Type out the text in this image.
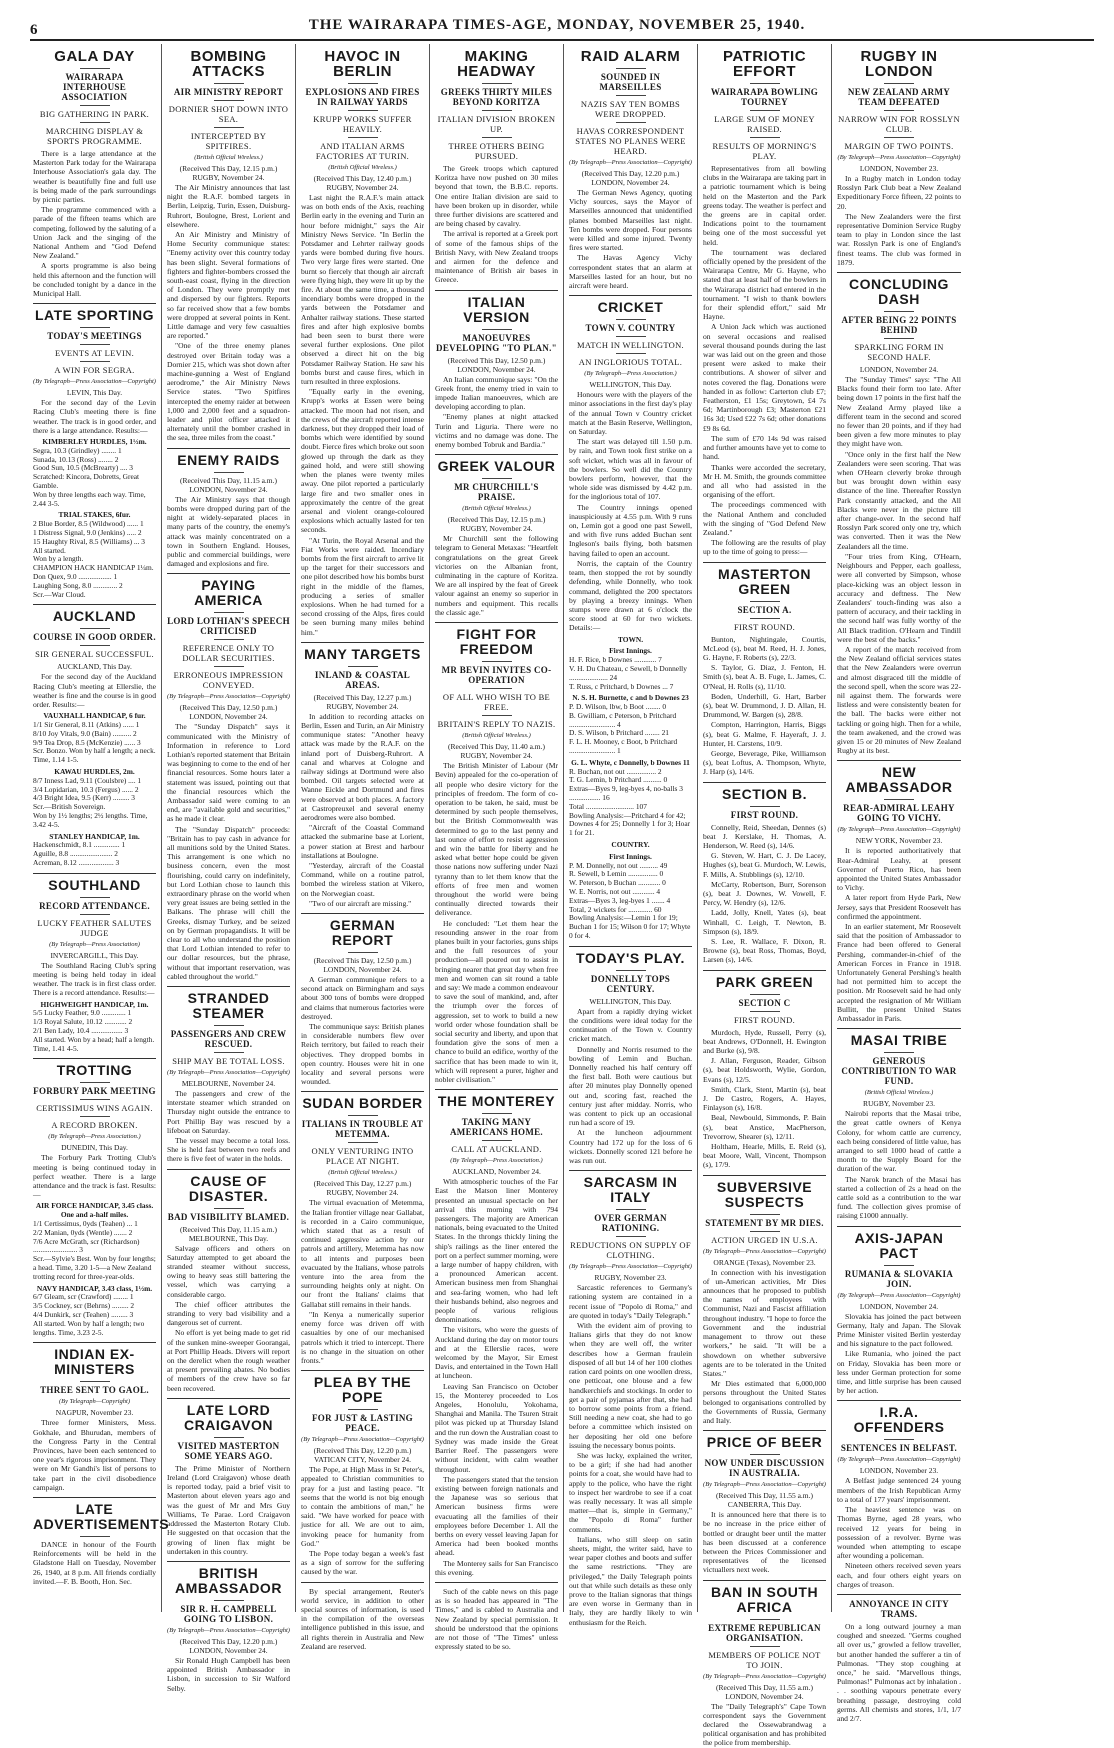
6	THE WAIRARAPA TIMES-AGE, MONDAY, NOVEMBER 25, 1940.
GALA DAY
WAIRARAPA INTERHOUSE ASSOCIATION
BIG GATHERING IN PARK.
MARCHING DISPLAY & SPORTS PROGRAMME.

There is a large attendance at the Masterton Park today for the Wairarapa Interhouse Association's gala day. The weather is beautifully fine and full use is being made of the park surroundings by picnic parties.

The programme commenced with a parade of the fifteen teams which are competing, followed by the saluting of a Union Jack and the singing of the National Anthem and "God Defend New Zealand."

A sports programme is also being held this afternoon and the function will be concluded tonight by a dance in the Municipal Hall.

LATE SPORTING
TODAY'S MEETINGS
EVENTS AT LEVIN.
A WIN FOR SEGRA.
(By Telegraph—Press Association—Copyright)
LEVIN, This Day.

For the second day of the Levin Racing Club's meeting there is fine weather. The track is in good order, and there is a large attendance. Results:—

KIMBERLEY HURDLES, 1½m.
Segra, 10.3 (Grindley) ........ 1
Sunada, 10.13 (Ross) ........ 2
Good Sun, 10.5 (McBrearty) .... 3
Scratched: Kincora, Dobretts, Great Gamble.
Won by three lengths each way. Time, 2.44 3-5.
TRIAL STAKES, 6fur.
2 Blue Border, 8.5 (Wildwood) ...... 1
1 Distress Signal, 9.0 (Jenkins) ..... 2
15 Haughty Rival, 8.5 (Williams) ... 3
All started.
Won by a length.
CHAMPION HACK HANDICAP 1¼m.
Don Quex, 9.0 .................. 1
Laughing Song, 8.0 ............. 2
Scr.—War Cloud.
AUCKLAND
COURSE IN GOOD ORDER.
SIR GENERAL SUCCESSFUL.
AUCKLAND, This Day.

For the second day of the Auckland Racing Club's meeting at Ellerslie, the weather is fine and the course is in good order. Results:—

VAUXHALL HANDICAP, 6 fur.
1/1 Sir General, 8.11 (Atkins) ...... 1
8/10 Joy Vitals, 9.0 (Bain) .......... 2
9/9 Tea Drop, 8.5 (McKenzie) ...... 3
Scr. Bonzo. Won by half a length; a neck. Time, 1.14 1-5.
KAWAU HURDLES, 2m.
8/7 Inness Lad, 9.11 (Coulsbre) .... 1
3/4 Lopidarian, 10.3 (Fergus) ...... 2
4/3 Bright Idea, 9.5 (Kerr) ......... 3
Scr.—British Sovereign.
Won by 1½ lengths; 2½ lengths. Time, 3.42 4-5.
STANLEY HANDICAP, 1m.
Hackenschmidt, 8.1 .............. 1
Aguille, 8.8 ....................... 2
Acreman, 8.12 ................... 3
SOUTHLAND
RECORD ATTENDANCE.
LUCKY FEATHER SALUTES JUDGE
(By Telegraph—Press Association)
INVERCARGILL, This Day.

The Southland Racing Club's spring meeting is being held today in ideal weather. The track is in first class order. There is a record attendance. Results:—

HIGHWEIGHT HANDICAP, 1m.
5/5 Lucky Feather, 9.0 ............. 1
1/3 Royal Salute, 10.12 ............ 2
2/1 Ben Lady, 10.4 ................. 3
All started. Won by a head; half a length. Time, 1.41 4-5.
TROTTING
FORBURY PARK MEETING
CERTISSIMUS WINS AGAIN.
A RECORD BROKEN.
(By Telegraph—Press Association.)
DUNEDIN, This Day.

The Forbury Park Trotting Club's meeting is being continued today in perfect weather. There is a large attendance and the track is fast. Results:—

AIR FORCE HANDICAP, 3.45 class. One and a-half miles.
1/1 Certissimus, 0yds (Teahen) ... 1
2/2 Manian, 0yds (Wentle) ....... 2
7/6 Acre McGrath, scr (Richardson) ........................ 3
Scr.—Sylvie's Best. Won by four lengths; a head. Time, 3.20 1-5—a New Zealand trotting record for three-year-olds.
NAVY HANDICAP, 3.43 class, 1½m.
6/7 Gleam, scr (Crawford) ........ 1
3/5 Cockney, scr (Behrns) ......... 2
4/4 Dunkirk, scr (Teahen) ......... 3
All started. Won by half a length; two lengths. Time, 3.23 2-5.
INDIAN EX-MINISTERS
THREE SENT TO GAOL.
(By Telegraph—Copyright)
NAGPUR, November 23.

Three former Ministers, Mess. Gokhale, and Bhurudan, members of the Congress Party in the Central Provinces, have been each sentenced to one year's rigorous imprisonment. They were on Mr Gandhi's list of persons to take part in the civil disobedience campaign.

LATE ADVERTISEMENTS

DANCE in honour of the Fourth Reinforcements will be held in the Gladstone Hall on Tuesday, November 26, 1940, at 8 p.m. All friends cordially invited.—F. B. Booth, Hon. Sec.

BOMBING ATTACKS
AIR MINISTRY REPORT
DORNIER SHOT DOWN INTO SEA.
INTERCEPTED BY SPITFIRES.
(British Official Wireless.)
(Received This Day, 12.15 p.m.) RUGBY, November 24.

The Air Ministry announces that last night the R.A.F. bombed targets in Berlin, Leipzig, Turin, Essen, Duisburg-Ruhrort, Boulogne, Brest, Lorient and elsewhere.

An Air Ministry and Ministry of Home Security communique states: "Enemy activity over this country today has been slight. Several formations of fighters and fighter-bombers crossed the south-east coast, flying in the direction of London. They were promptly met and dispersed by our fighters. Reports so far received show that a few bombs were dropped at several points in Kent. Little damage and very few casualties are reported."

"One of the three enemy planes destroyed over Britain today was a Dornier 215, which was shot down after machine-gunning a West of England aerodrome," the Air Ministry News Service states. "Two Spitfires intercepted the enemy raider at between 1,000 and 2,000 feet and a squadron-leader and pilot officer attacked it alternately until the bomber crashed in the sea, three miles from the coast."

ENEMY RAIDS
(Received This Day, 11.15 a.m.) LONDON, November 24.

The Air Ministry says that though bombs were dropped during part of the night at widely-separated places in many parts of the country, the enemy's attack was mainly concentrated on a town in Southern England. Houses, public and commercial buildings, were damaged and explosions and fire.

PAYING AMERICA
LORD LOTHIAN'S SPEECH CRITICISED
REFERENCE ONLY TO DOLLAR SECURITIES.
ERRONEOUS IMPRESSION CONVEYED.
(By Telegraph—Press Association—Copyright)
(Received This Day, 12.50 p.m.) LONDON, November 24.

The "Sunday Dispatch" says it communicated with the Ministry of Information in reference to Lord Lothian's reported statement that Britain was beginning to come to the end of her financial resources. Some hours later a statement was issued, pointing out that the financial resources which the Ambassador said were coming to an end, are "available gold and securities," as he made it clear.

The "Sunday Dispatch" proceeds: "Britain has to pay cash in advance for all munitions sold by the United States. This arrangement is one which no business concern, even the most flourishing, could carry on indefinitely, but Lord Lothian chose to launch this extraordinary phrase on the world when very great issues are being settled in the Balkans. The phrase will chill the Greeks, dismay Turkey, and be seized on by German propagandists. It will be clear to all who understand the position that Lord Lothian intended to refer to our dollar resources, but the phrase, without that important reservation, was cabled throughout the world."

STRANDED STEAMER
PASSENGERS AND CREW RESCUED.
SHIP MAY BE TOTAL LOSS.
(By Telegraph—Press Association—Copyright)
MELBOURNE, November 24.

The passengers and crew of the interstate steamer which stranded on Thursday night outside the entrance to Port Phillip Bay was rescued by a lifeboat on Saturday.

The vessel may become a total loss. She is held fast between two reefs and there is five feet of water in the holds.

CAUSE OF DISASTER.
BAD VISIBILITY BLAMED.
(Received This Day, 11.15 a.m.) MELBOURNE, This Day.

Salvage officers and others on Saturday attempted to get aboard the stranded steamer without success, owing to heavy seas still battering the vessel, which was carrying a considerable cargo.

The chief officer attributes the stranding to very bad visibility and a dangerous set of current.

No effort is yet being made to get rid of the sunken mine-sweeper Goorangai, at Port Phillip Heads. Divers will report on the derelict when the rough weather at present prevailing abates. No bodies of members of the crew have so far been recovered.

LATE LORD CRAIGAVON
VISITED MASTERTON SOME YEARS AGO.

The Prime Minister of Northern Ireland (Lord Craigavon) whose death is reported today, paid a brief visit to Masterton about eleven years ago and was the guest of Mr and Mrs Guy Williams, Te Parae. Lord Craigavon addressed the Masterton Rotary Club. He suggested on that occasion that the growing of linen flax might be undertaken in this country.

BRITISH AMBASSADOR
SIR R. H. CAMPBELL GOING TO LISBON.
(By Telegraph—Press Association—Copyright)
(Received This Day, 12.20 p.m.) LONDON, November 24.

Sir Ronald Hugh Campbell has been appointed British Ambassador in Lisbon, in succession to Sir Walford Selby.

HAVOC IN BERLIN
EXPLOSIONS AND FIRES IN RAILWAY YARDS
KRUPP WORKS SUFFER HEAVILY.
AND ITALIAN ARMS FACTORIES AT TURIN.
(British Official Wireless.)
(Received This Day, 12.40 p.m.) RUGBY, November 24.

Last night the R.A.F.'s main attack was on both ends of the Axis, reaching Berlin early in the evening and Turin an hour before midnight," says the Air Ministry News Service. "In Berlin the Potsdamer and Lehrter railway goods yards were bombed during five hours. Two very large fires were started. One burnt so fiercely that though air aircraft were flying high, they were lit up by the fire. At about the same time, a thousand incendiary bombs were dropped in the yards between the Potsdamer and Anhalter railway stations. These started fires and after high explosive bombs had been seen to burst there were several further explosions. One pilot observed a direct hit on the big Potsdamer Railway Station. He saw his bombs burst and cause fires, which in turn resulted in three explosions.

"Equally early in the evening, Krupp's works at Essen were being attacked. The moon had not risen, and the crews of the aircraft reported intense darkness, but they dropped their load of bombs which were identified by sound doubt. Fierce fires which broke out soon glowed up through the dark as they gained hold, and were still showing when the planes were twenty miles away. One pilot reported a particularly large fire and two smaller ones in approximately the centre of the great arsenal and violent orange-coloured explosions which actually lasted for ten seconds.

"At Turin, the Royal Arsenal and the Fiat Works were raided. Incendiary bombs from the first aircraft to arrive lit up the target for their successors and one pilot described how his bombs burst right in the middle of the flames, producing a series of smaller explosions. When he had turned for a second crossing of the Alps, fires could be seen burning many miles behind him."

MANY TARGETS
INLAND & COASTAL AREAS.
(Received This Day, 12.27 p.m.) RUGBY, November 24.

In addition to recording attacks on Berlin, Essen and Turin, an Air Ministry communique states: "Another heavy attack was made by the R.A.F. on the inland port of Duisberg-Ruhrort. A canal and wharves at Cologne and railway sidings at Dortmund were also bombed. Oil targets selected were at Wanne Eickle and Dortmund and fires were observed at both places. A factory at Castropreuxel and several enemy aerodromes were also bombed.

"Aircraft of the Coastal Command attacked the submarine base at Lorient, a power station at Brest and harbour installations at Boulogne.

"Yesterday, aircraft of the Coastal Command, while on a routine patrol, bombed the wireless station at Vikero, on the Norwegian coast.

"Two of our aircraft are missing."

GERMAN REPORT
(Received This Day, 12.50 p.m.) LONDON, November 24.

A German communique refers to a second attack on Birmingham and says about 300 tons of bombs were dropped and claims that numerous factories were destroyed.

The communique says: British planes in considerable numbers flew over Reich territory, but failed to reach their objectives. They dropped bombs in open country. Houses were hit in one locality and several persons were wounded.

SUDAN BORDER
ITALIANS IN TROUBLE AT METEMMA.
ONLY VENTURING INTO PLACE AT NIGHT.
(British Official Wireless.)
(Received This Day, 12.27 p.m.) RUGBY, November 24.

The virtual evacuation of Metemma, the Italian frontier village near Gallabat, is recorded in a Cairo communique, which stated that as a result of continued aggressive action by our patrols and artillery, Metemma has now to all intents and purposes been evacuated by the Italians, whose patrols venture into the area from the surrounding heights only at night. On our front the Italians' claims that Gallabat still remains in their hands.

"In Kenya a numerically superior enemy force was driven off with casualties by one of our mechanised patrols which it tried to intercept. There is no change in the situation on other fronts."

PLEA BY THE POPE
FOR JUST & LASTING PEACE.
(By Telegraph—Press Association—Copyright)
(Received This Day, 12.20 p.m.) VATICAN CITY, November 24.

The Pope, at High Mass in St Peter's, appealed to Christian communities to pray for a just and lasting peace. "It seems that the world is not big enough to contain the ambitions of man," he said. "We have worked for peace with justice for all. We are out to aim, invoking peace for humanity from God."

The Pope today began a week's fast as a sign of sorrow for the suffering caused by the war.

By special arrangement, Reuter's world service, in addition to other special sources of information, is used in the compilation of the overseas intelligence published in this issue, and all rights therein in Australia and New Zealand are reserved.

MAKING HEADWAY
GREEKS THIRTY MILES BEYOND KORITZA
ITALIAN DIVISION BROKEN UP.
THREE OTHERS BEING PURSUED.

The Greek troops which captured Koritza have now pushed on 30 miles beyond that town, the B.B.C. reports. One entire Italian division are said to have been broken up in disorder, while three further divisions are scattered and are being chased by cavalry.

The arrival is reported at a Greek port of some of the famous ships of the British Navy, with New Zealand troops and airmen for the defence and maintenance of British air bases in Greece.

ITALIAN VERSION
MANOEUVRES DEVELOPING "TO PLAN."
(Received This Day, 12.50 p.m.) LONDON, November 24.

An Italian communique says: "On the Greek front, the enemy tried in vain to impede Italian manoeuvres, which are developing according to plan.

"Enemy planes at night attacked Turin and Liguria. There were no victims and no damage was done. The enemy bombed Tobruk and Bardia."

GREEK VALOUR
MR CHURCHILL'S PRAISE.
(British Official Wireless.)
(Received This Day, 12.15 p.m.) RUGBY, November 24.

Mr Churchill sent the following telegram to General Metaxas: "Heartfelt congratulations on the great Greek victories on the Albanian front, culminating in the capture of Koritza. We are all inspired by the feat of Greek valour against an enemy so superior in numbers and equipment. This recalls the classic age."

FIGHT FOR FREEDOM
MR BEVIN INVITES CO-OPERATION
OF ALL WHO WISH TO BE FREE.
BRITAIN'S REPLY TO NAZIS.
(British Official Wireless.)
(Received This Day, 11.40 a.m.) RUGBY, November 24.

The British Minister of Labour (Mr Bevin) appealed for the co-operation of all people who desire victory for the principles of freedom. The form of co-operation to be taken, he said, must be determined by such people themselves, but the British Commonwealth was determined to go to the last penny and last ounce of effort to resist aggression and win the battle for liberty and he asked what better hope could be given those nations now suffering under Nazi tyranny than to let them know that the efforts of free men and women throughout the world were being continually directed towards their deliverance.

He concluded: "Let them hear the resounding answer in the roar from planes built in your factories, guns ships and the full resources of your production—all poured out to assist in bringing nearer that great day when free men and women can sit round a table and say: We made a common endeavour to save the soul of mankind, and, after the triumph over the forces of aggression, set to work to build a new world order whose foundation shall be social security and liberty, and upon that foundation give the sons of men a chance to build an edifice, worthy of the sacrifice that has been made to win it, which will represent a purer, higher and nobler civilisation."

THE MONTEREY
TAKING MANY AMERICANS HOME.
CALL AT AUCKLAND.
(By Telegraph—Press Association.)
AUCKLAND, November 24.

With atmospheric touches of the Far East the Matson liner Monterey presented an unusual spectacle on her arrival this morning with 794 passengers. The majority are American nationals, being evacuated to the United States. In the throngs thickly lining the ship's railings as the liner entered the port on a perfect summer morning, were a large number of happy children, with a pronounced American accent. American business men from Shanghai and sea-faring women, who had left their husbands behind, also negroes and people of various religious denominations.

The visitors, who were the guests of Auckland during the day on motor tours and at the Ellerslie races, were welcomed by the Mayor, Sir Ernest Davis, and entertained in the Town Hall at luncheon.

Leaving San Francisco on October 15, the Monterey proceeded to Los Angeles, Honolulu, Yokohama, Shanghai and Manila. The Tsuren Strait pilot was picked up at Thursday Island and the run down the Australian coast to Sydney was made inside the Great Barrier Reef. The passengers were without incident, with calm weather throughout.

The passengers stated that the tension existing between foreign nationals and the Japanese was so serious that American business firms were evacuating all the families of their employees before December 1. All the berths on every vessel leaving Japan for America had been booked months ahead.

The Monterey sails for San Francisco this evening.

Such of the cable news on this page as is so headed has appeared in "The Times," and is cabled to Australia and New Zealand by special permission. It should be understood that the opinions are not those of "The Times" unless expressly stated to be so.

RAID ALARM
SOUNDED IN MARSEILLES
NAZIS SAY TEN BOMBS WERE DROPPED.
HAVAS CORRESPONDENT STATES NO PLANES WERE HEARD.
(By Telegraph—Press Association—Copyright)
(Received This Day, 12.20 p.m.) LONDON, November 24.

The German News Agency, quoting Vichy sources, says the Mayor of Marseilles announced that unidentified planes bombed Marseilles last night. Ten bombs were dropped. Four persons were killed and some injured. Twenty fires were started.

The Havas Agency Vichy correspondent states that an alarm at Marseilles lasted for an hour, but no aircraft were heard.

CRICKET
TOWN V. COUNTRY
MATCH IN WELLINGTON.
AN INGLORIOUS TOTAL.
(By Telegraph—Press Association.)
WELLINGTON, This Day.

Honours were with the players of the minor associations in the first day's play of the annual Town v Country cricket match at the Basin Reserve, Wellington, on Saturday.

The start was delayed till 1.50 p.m. by rain, and Town took first strike on a soft wicket, which was all in favour of the bowlers. So well did the Country bowlers perform, however, that the whole side was dismissed by 4.42 p.m. for the inglorious total of 107.

The Country innings opened inauspiciously at 4.55 p.m. With 9 runs on, Lemin got a good one past Sewell, and with five runs added Buchan sent Ingleson's bails flying, both batsmen having failed to open an account.

Norris, the captain of the Country team, then stopped the rot by soundly defending, while Donnelly, who took command, delighted the 200 spectators by playing a breezy innings. When stumps were drawn at 6 o'clock the score stood at 60 for two wickets. Details:—

TOWN.
First Innings.
H. F. Rice, b Downes ............ 7
V. H. Du Chateau, c Sewell, b Donnelly ..................... 24
T. Russ, c Pritchard, b Downes ... 7
N. S. H. Burnette, c and b Downes 23
P. D. Wilson, lbw, b Boot ........ 0
B. Gwilliam, c Peterson, b Pritchard ......................... 4
D. S. Wilson, b Pritchard ........ 21
F. L. H. Mooney, c Boot, b Pritchard ......................... 1
G. L. Whyte, c Donnelly, b Downes 11
R. Buchan, not out ................ 2
T. G. Lemin, b Pritchard .......... 0
Extras—Byes 9, leg-byes 4, no-balls 3 ................. 16
Total .......................... 107
Bowling Analysis:—Pritchard 4 for 42; Downes 4 for 25; Donnelly 1 for 3; Hoar 1 for 21.
COUNTRY.
First Innings.
P. M. Donnelly, not out .......... 49
R. Sewell, b Lemin ................ 0
W. Peterson, b Buchan ............ 0
W. E. Norris, not out ............ 4
Extras—Byes 3, leg-byes 1 ....... 4
Total, 2 wickets for ............. 60
Bowling Analysis:—Lemin 1 for 19; Buchan 1 for 15; Wilson 0 for 17; Whyte 0 for 4.
TODAY'S PLAY.
DONNELLY TOPS CENTURY.
WELLINGTON, This Day.

Apart from a rapidly drying wicket the conditions were ideal today for the continuation of the Town v. Country cricket match.

Donnelly and Norris resumed to the bowling of Lemin and Buchan. Donnelly reached his half century off the first ball. Both were cautious but after 20 minutes play Donnelly opened out and, scoring fast, reached the century just after midday. Norris, who was content to pick up an occasional run had a score of 19.

At the luncheon adjournment Country had 172 up for the loss of 6 wickets. Donnelly scored 121 before he was run out.

SARCASM IN ITALY
OVER GERMAN RATIONING.
REDUCTIONS ON SUPPLY OF CLOTHING.
(By Telegraph—Press Association—Copyright)
RUGBY, November 23.

Sarcastic references to Germany's rationing system are contained in a recent issue of "Popolo di Roma," and are quoted in today's "Daily Telegraph."

With the evident aim of proving to Italians girls that they do not know when they are well off, the writer describes how a German fraulein disposed of all but 14 of her 100 clothes ration card points on one woollen dress, one petticoat, one blouse and a few handkerchiefs and stockings. In order to get a pair of pyjamas after that, she had to borrow some points from a friend. Still needing a new coat, she had to go before a committee which insisted on her depositing her old one before issuing the necessary bonus points.

She was lucky, explained the writer, to be a girl; if she had had another points for a coat, she would have had to apply to the police, who have the right to inspect her wardrobe to see if a coat was really necessary. It was all simple matter—that is, simple in Germany," the "Popolo di Roma" further comments.

Italians, who still sleep on satin sheets, might, the writer said, have to wear paper clothes and boots and suffer the same restrictions. "They are privileged," the Daily Telegraph points out that while such details as these only prove to the Italian signoras that things are even worse in Germany than in Italy, they are hardly likely to win enthusiasm for the Reich.

PATRIOTIC EFFORT
WAIRARAPA BOWLING TOURNEY
LARGE SUM OF MONEY RAISED.
RESULTS OF MORNING'S PLAY.

Representatives from all bowling clubs in the Wairarapa are taking part in a patriotic tournament which is being held on the Masterton and the Park greens today. The weather is perfect and the greens are in capital order. Indications point to the tournament being one of the most successful yet held.

The tournament was declared officially opened by the president of the Wairarapa Centre, Mr G. Hayne, who stated that at least half of the bowlers in the Wairarapa district had entered in the tournament. "I wish to thank bowlers for their splendid effort," said Mr Hayne.

A Union Jack which was auctioned on several occasions and realised several thousand pounds during the last war was laid out on the green and those present were asked to make their contributions. A shower of silver and notes covered the flag. Donations were handed in as follow: Carterton club £7; Featherston, £1 15s; Greytown, £4 7s 6d; Martinborough £3; Masterton £21 16s 3d; Used £22 7s 6d; other donations £9 8s 6d.

The sum of £70 14s 9d was raised and further amounts have yet to come to hand.

Thanks were accorded the secretary, Mr H. M. Smith, the grounds committee and all who had assisted in the organising of the effort.

The proceedings commenced with the National Anthem and concluded with the singing of "God Defend New Zealand."

The following are the results of play up to the time of going to press:—

MASTERTON GREEN
SECTION A.
FIRST ROUND.

Bunton, Nightingale, Courtis, McLeod (s), beat M. Reed, H. J. Jones, G. Hayne, F. Roberts (s), 22/3.

S. Taylor, G. Diaz, J. Fenton, H. Smith (s), beat A. B. Fuge, L. James, C. O'Neal, H. Rolls (s), 11/10.

Boden, Underhill, G. Hart, Barber (s), beat W. Drummond, J. D. Allan, H. Drummond, W. Bargen (s), 28/8.

Compton, Harrington, Harris, Biggs (s), beat G. Malme, F. Hayeraft, J. J. Hunter, H. Carstens, 10/9.

George, Beverage, Pike, Williamson (s), beat Loftus, A. Thompson, Whyte, J. Harp (s), 14/6.

SECTION B.
FIRST ROUND.

Connelly, Reid, Sheedan, Dennes (s) beat J. Kerslake, H. Thomas, A. Henderson, W. Reed (s), 14/6.

G. Steven, W. Hart, C. J. De Lacey, Hughes (s), beat G. Murdoch, W. Lewis, F. Mills, A. Stubblings (s), 12/10.

McCarty, Robertson, Burr, Sorenson (s), beat J. Downes, W. Vowell, F. Percy, W. Hendry (s), 12/6.

Ladd, Jolly, Knell, Yates (s), beat Winhall, C. Leigh, T. Newton, B. Simpson (s), 18/9.

S. Lee, R. Wallace, F. Dixon, R. Browne (s), beat Ross, Thomas, Boyd, Larsen (s), 14/6.

PARK GREEN
SECTION C
FIRST ROUND.

Murdoch, Hyde, Russell, Perry (s), beat Andrews, O'Donnell, H. Ewington and Burke (s), 9/8.

J. Allan, Ferguson, Reader, Gibson (s), beat Holdsworth, Wylie, Gordon, Evans (s), 12/5.

Smith, Clark, Stent, Martin (s), beat J. De Castro, Rogers, A. Hayes, Finlayson (s), 16/8.

Beal, Newbould, Simmonds, P. Bain (s), beat Anstice, MacPherson, Trevorrow, Shearer (s), 12/11.

Holtham, Hearle, Mills, E. Reid (s), beat Moore, Wall, Vincent, Thompson (s), 17/9.

SUBVERSIVE SUSPECTS
STATEMENT BY MR DIES.
ACTION URGED IN U.S.A.
(By Telegraph—Press Association—Copyright)
ORANGE (Texas), November 23.

In connection with his investigation of un-American activities, Mr Dies announces that he proposed to publish the names of employees with Communist, Nazi and Fascist affiliation throughout industry. "I hope to force the Government and the industrial management to throw out these workers," he said. "It will be a showdown on whether subversive agents are to be tolerated in the United States."

Mr Dies estimated that 6,000,000 persons throughout the United States belonged to organisations controlled by the Governments of Russia, Germany and Italy.

PRICE OF BEER
NOW UNDER DISCUSSION IN AUSTRALIA.
(By Telegraph—Press Association—Copyright)
(Received This Day, 11.55 a.m.) CANBERRA, This Day.

It is announced here that there is to be no increase in the price either of bottled or draught beer until the matter has been discussed at a conference between the Prices Commissioner and representatives of the licensed victuallers next week.

BAN IN SOUTH AFRICA
EXTREME REPUBLICAN ORGANISATION.
MEMBERS OF POLICE NOT TO JOIN.
(By Telegraph—Press Association—Copyright)
(Received This Day, 11.55 a.m.) LONDON, November 24.

The "Daily Telegraph's" Cape Town correspondent says the Government declared the Ossewabrandwag a political organisation and has prohibited the police from membership.

RUGBY IN LONDON
NEW ZEALAND ARMY TEAM DEFEATED
NARROW WIN FOR ROSSLYN CLUB.
MARGIN OF TWO POINTS.
(By Telegraph—Press Association—Copyright)
LONDON, November 23.

In a Rugby match in London today Rosslyn Park Club beat a New Zealand Expeditionary Force fifteen, 22 points to 20.

The New Zealanders were the first representative Dominion Service Rugby team to play in London since the last war. Rosslyn Park is one of England's finest teams. The club was formed in 1879.

CONCLUDING DASH
AFTER BEING 22 POINTS BEHIND
SPARKLING FORM IN SECOND HALF.
LONDON, November 24.

The "Sunday Times" says: "The All Blacks found their form too late. After being down 17 points in the first half the New Zealand Army played like a different team in the second and scored no fewer than 20 points, and if they had been given a few more minutes to play they might have won.

"Once only in the first half the New Zealanders were seen scoring. That was when O'Hearn cleverly broke through but was brought down within easy distance of the line. Thereafter Rosslyn Park constantly attacked, and the All Blacks were never in the picture till after change-over. In the second half Rosslyn Park scored only one try, which was converted. Then it was the New Zealanders all the time.

"Four tries from King, O'Hearn, Neighbours and Pepper, each goalless, were all converted by Simpson, whose place-kicking was an object lesson in accuracy and deftness. The New Zealanders' touch-finding was also a pattern of accuracy, and their tackling in the second half was fully worthy of the All Black tradition. O'Hearn and Tindill were the best of the backs."

A report of the match received from the New Zealand official services states that the New Zealanders were overrun and almost disgraced till the middle of the second spell, when the score was 22-nil against them. The forwards were listless and were consistently beaten for the ball. The backs were either not tackling or going high. Then for a while, the team awakened, and the crowd was given 15 or 20 minutes of New Zealand Rugby at its best.

NEW AMBASSADOR
REAR-ADMIRAL LEAHY GOING TO VICHY.
(By Telegraph—Press Association—Copyright)
NEW YORK, November 23.

It is reported authoritatively that Rear-Admiral Leahy, at present Governor of Puerto Rico, has been appointed the United States Ambassador to Vichy.

A later report from Hyde Park, New Jersey, says that President Roosevelt has confirmed the appointment.

In an earlier statement, Mr Roosevelt said that the position of Ambassador to France had been offered to General Pershing, commander-in-chief of the American Forces in France in 1918. Unfortunately General Pershing's health had not permitted him to accept the position. Mr Roosevelt said he had only accepted the resignation of Mr William Bullitt, the present United States Ambassador in Paris.

MASAI TRIBE
GENEROUS CONTRIBUTION TO WAR FUND.
(British Official Wireless.)
RUGBY, November 23.

Nairobi reports that the Masai tribe, the great cattle owners of Kenya Colony, for whom cattle are currency, each being considered of little value, has arranged to sell 1000 head of cattle a month to the Supply Board for the duration of the war.

The Narok branch of the Masai has started a collection of 2s a head on the cattle sold as a contribution to the war fund. The collection gives promise of raising £1000 annually.

AXIS-JAPAN PACT
RUMANIA & SLOVAKIA JOIN.
(By Telegraph—Press Association—Copyright)
LONDON, November 24.

Slovakia has joined the pact between Germany, Italy and Japan. The Slovak Prime Minister visited Berlin yesterday and his signature to the pact followed.

Like Rumania, who joined the pact on Friday, Slovakia has been more or less under German protection for some time, and little surprise has been caused by her action.

I.R.A. OFFENDERS
SENTENCES IN BELFAST.
(By Telegraph—Press Association—Copyright)
LONDON, November 23.

A Belfast judge sentenced 24 young members of the Irish Republican Army to a total of 177 years' imprisonment.

The heaviest sentence was on Thomas Byrne, aged 28 years, who received 12 years for being in possession of a revolver. Byrne was wounded when attempting to escape after wounding a policeman.

Nineteen others received seven years each, and four others eight years on charges of treason.

ANNOYANCE IN CITY TRAMS.

On a long outward journey a man coughed and sneezed. "Germs coughed all over us," growled a fellow traveller, but another handed the sufferer a tin of Pulmonas. "They stop coughing at once," he said. "Marvellous things, Pulmonas!" Pulmonas act by inhalation . . . soothing vapours penetrate every breathing passage, destroying cold germs. All chemists and stores, 1/1, 1/7 and 2/7.
